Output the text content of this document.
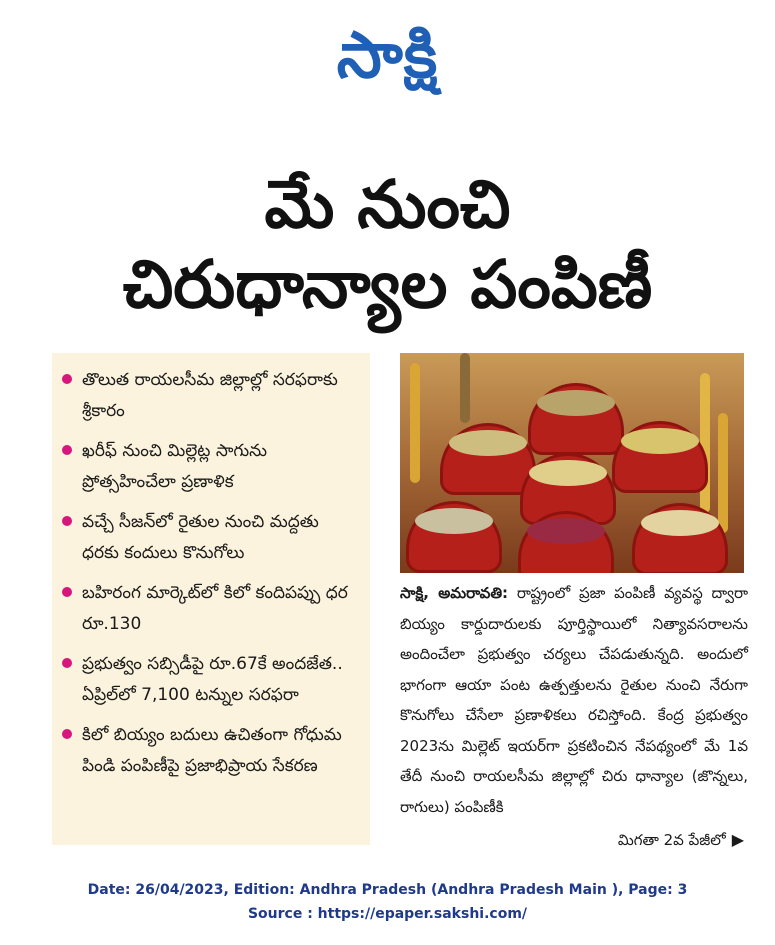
సాక్షి
మే నుంచి
చిరుధాన్యాల పంపిణీ
తొలుత రాయలసీమ జిల్లాల్లో సరఫరాకు శ్రీకారం
ఖరీఫ్ నుంచి మిల్లెట్ల సాగును ప్రోత్సహించేలా ప్రణాళిక
వచ్చే సీజన్‌లో రైతుల నుంచి మద్దతు ధరకు కందులు కొనుగోలు
బహిరంగ మార్కెట్‌లో కిలో కందిపప్పు ధర రూ.130
ప్రభుత్వం సబ్సిడీపై రూ.67కే అందజేత.. ఏప్రిల్‌లో 7,100 టన్నుల సరఫరా
కిలో బియ్యం బదులు ఉచితంగా గోధుమ పిండి పంపిణీపై ప్రజాభిప్రాయ సేకరణ
సాక్షి, అమరావతి: రాష్ట్రంలో ప్రజా పంపిణీ వ్యవస్థ ద్వారా బియ్యం కార్డుదారులకు పూర్తిస్థాయిలో నిత్యావసరాలను అందించేలా ప్రభుత్వం చర్యలు చేపడుతున్నది. అందులో భాగంగా ఆయా పంట ఉత్పత్తులను రైతుల నుంచి నేరుగా కొనుగోలు చేసేలా ప్రణాళికలు రచిస్తోంది. కేంద్ర ప్రభుత్వం 2023ను మిల్లెట్ ఇయర్‌గా ప్రకటించిన నేపథ్యంలో మే 1వ తేదీ నుంచి రాయలసీమ జిల్లాల్లో చిరు ధాన్యాల (జొన్నలు, రాగులు) పంపిణీకి
మిగతా 2వ పేజీలో ▶
Date: 26/04/2023, Edition: Andhra Pradesh (Andhra Pradesh Main ), Page: 3
Source : https://epaper.sakshi.com/
